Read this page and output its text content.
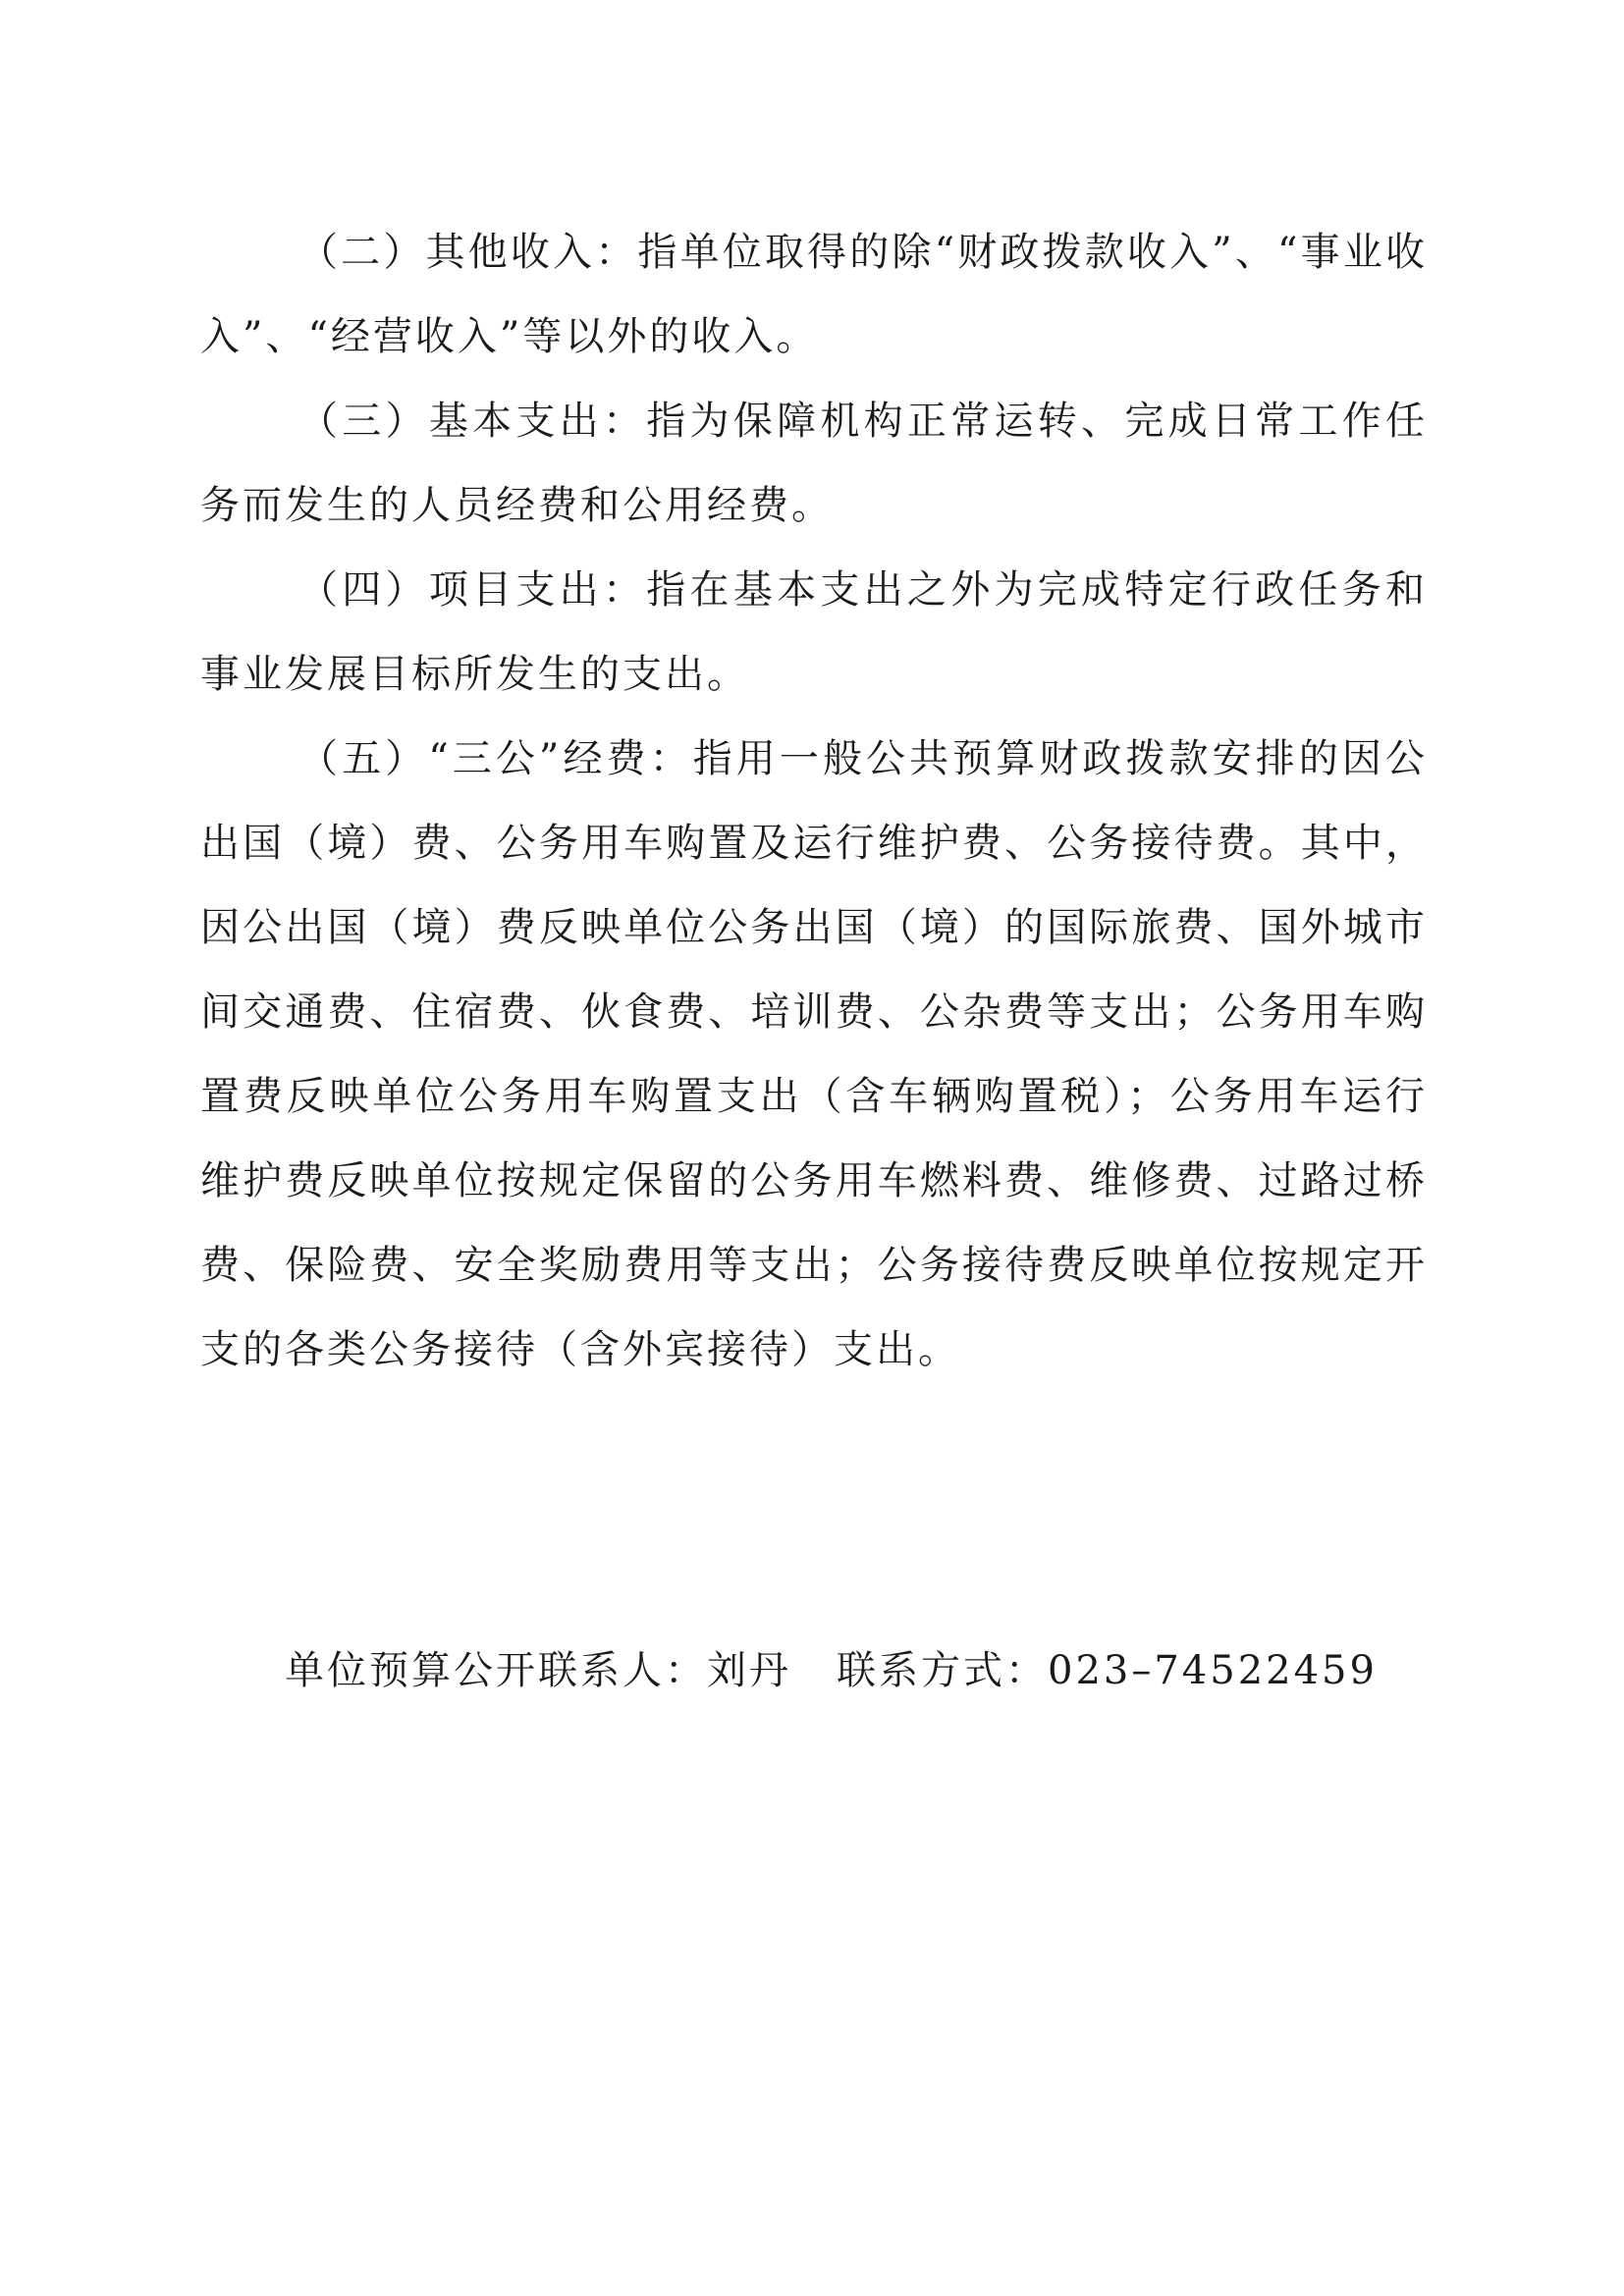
（二）其他收入：指单位取得的除“财政拨款收入”、“事业收入”、“经营收入”等以外的收入。

（三）基本支出：指为保障机构正常运转、完成日常工作任务而发生的人员经费和公用经费。

（四）项目支出：指在基本支出之外为完成特定行政任务和事业发展目标所发生的支出。

（五）“三公”经费：指用一般公共预算财政拨款安排的因公出国（境）费、公务用车购置及运行维护费、公务接待费。其中，因公出国（境）费反映单位公务出国（境）的国际旅费、国外城市间交通费、住宿费、伙食费、培训费、公杂费等支出；公务用车购置费反映单位公务用车购置支出（含车辆购置税）；公务用车运行维护费反映单位按规定保留的公务用车燃料费、维修费、过路过桥费、保险费、安全奖励费用等支出；公务接待费反映单位按规定开支的各类公务接待（含外宾接待）支出。

单位预算公开联系人：刘丹 联系方式：023–74522459
